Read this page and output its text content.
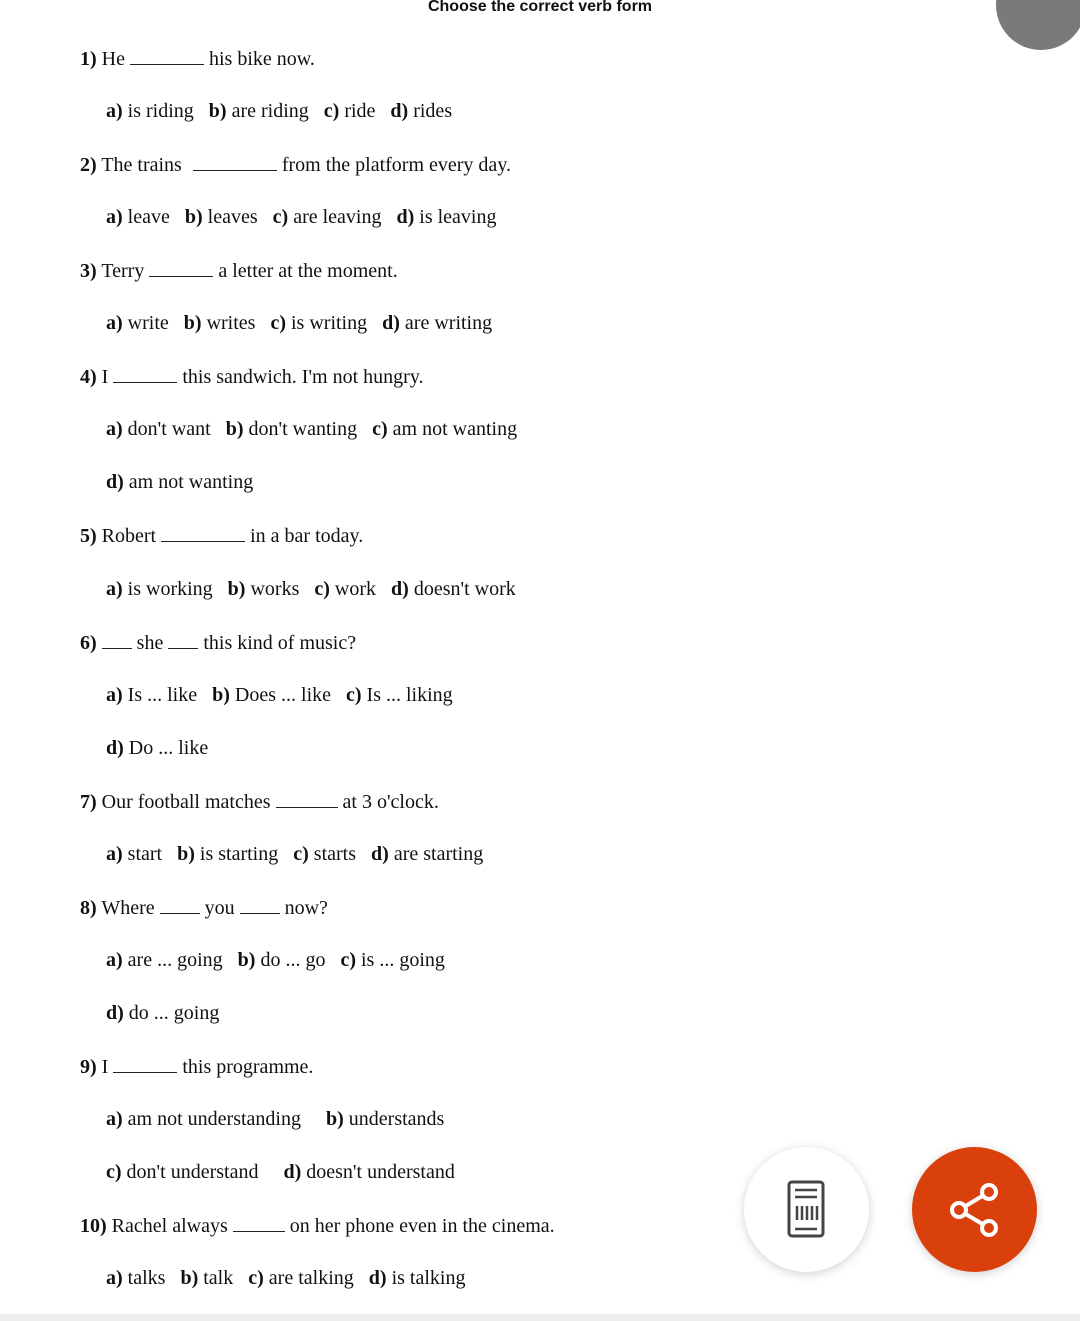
Choose the correct verb form
1) He	his bike now.
a) is riding b) are riding c) ride d) rides
2) The trains	from the platform every day.
a) leave b) leaves c) are leaving d) is leaving
3) Terry	a letter at the moment.
a) write b) writes c) is writing d) are writing
4) I	this sandwich. I'm not hungry.
a) don't want b) don't wanting c) am not wanting
d) am not wanting
5) Robert	in a bar today.
a) is working b) works c) work d) doesn't work
6) she this kind of music?
a) Is ... like b) Does ... like c) Is ... liking
d) Do ... like
7) Our football matches	at 3 o'clock.
a) start b) is starting c) starts d) are starting
8) Where	you	now?
a) are ... going b) do ... go c) is ... going
d) do ... going
9) I	this programme.
a) am not understanding b) understands
c) don't understand d) doesn't understand
10) Rachel always	on her phone even in the cinema.
a) talks b) talk c) are talking d) is talking
